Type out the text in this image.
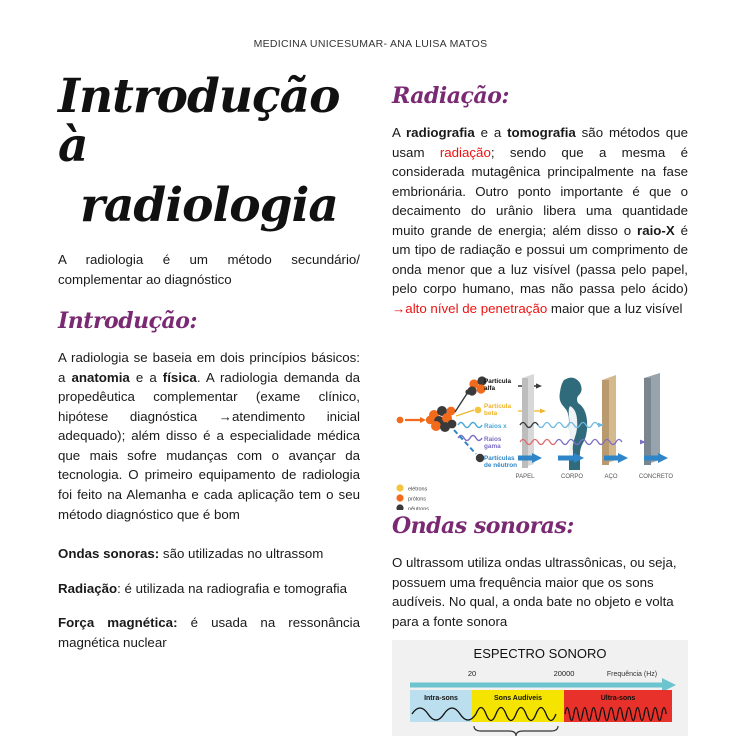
MEDICINA UNICESUMAR- ANA LUISA MATOS
Introdução à
radiologia

A radiologia é um método secundário/ complementar ao diagnóstico

Introdução:

A radiologia se baseia em dois princípios básicos: a anatomia e a física. A radiologia demanda da propedêutica complementar (exame clínico, hipótese diagnóstica →atendimento inicial adequado); além disso é a especialidade médica que mais sofre mudanças com o avançar da tecnologia. O primeiro equipamento de radiologia foi feito na Alemanha e cada aplicação tem o seu método diagnóstico que é bom

Ondas sonoras: são utilizadas no ultrassom

Radiação: é utilizada na radiografia e tomografia

Força magnética: é usada na ressonância magnética nuclear

Radiação:

A radiografia e a tomografia são métodos que usam radiação; sendo que a mesma é considerada mutagênica principalmente na fase embrionária. Outro ponto importante é que o decaimento do urânio libera uma quantidade muito grande de energia; além disso o raio-X é um tipo de radiação e possui um comprimento de onda menor que a luz visível (passa pelo papel, pelo corpo humano, mas não passa pelo ácido) →alto nível de penetração maior que a luz visível

Partícula
alfa
Partícula
beta
Raios x
Raios
gama
Partículas
de nêutron
PAPEL	CORPO	AÇO	CONCRETO
elétrons
prótons
nêutrons
Ondas sonoras:

O ultrassom utiliza ondas ultrassônicas, ou seja, possuem uma frequência maior que os sons audíveis. No qual, a onda bate no objeto e volta para a fonte sonora

ESPECTRO SONORO
20	20000	Frequência (Hz)
Intra-sons	Sons Audíveis	Ultra-sons
